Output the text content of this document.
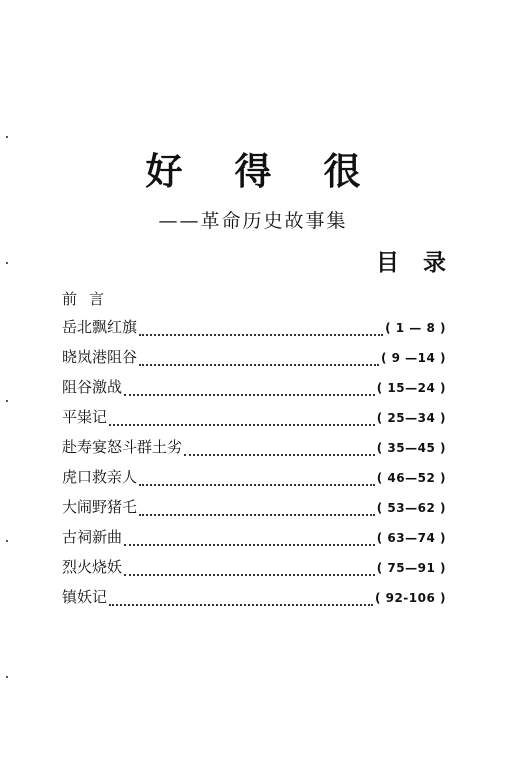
好得很
——革命历史故事集
目录
前言
岳北飘红旗	( 1 — 8 )
晓岚港阻谷	( 9 —14 )
阻谷激战	( 15—24 )
平粜记	( 25—34 )
赴寿宴怒斗群土劣	( 35—45 )
虎口救亲人	( 46—52 )
大闹野猪乇	( 53—62 )
古祠新曲	( 63—74 )
烈火烧妖	( 75—91 )
镇妖记	( 92-106 )
